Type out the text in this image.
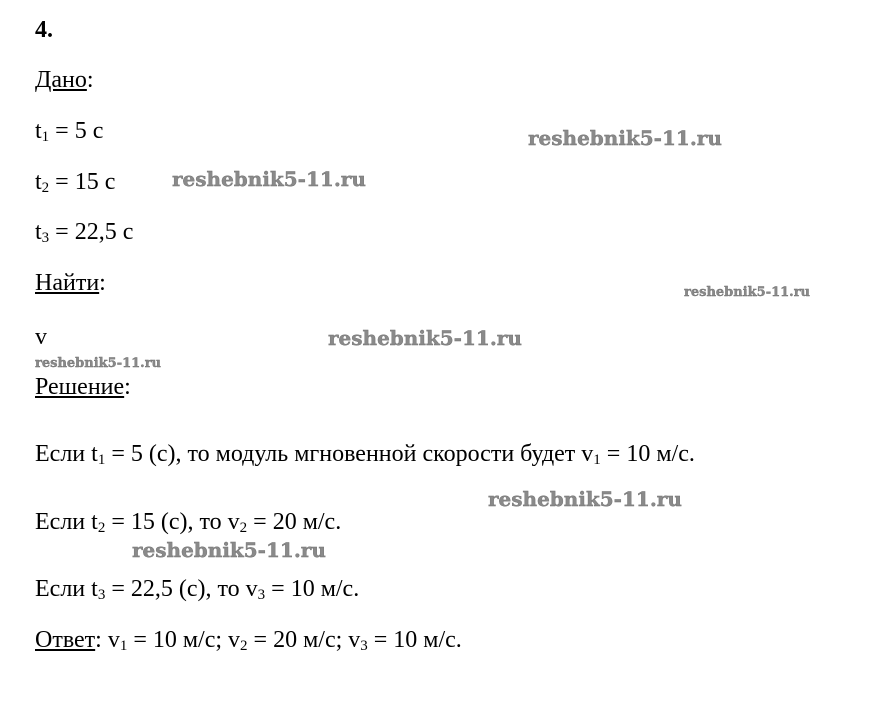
4.
Дано:
$t_1 = 5$ с
$t_2 = 15$ с
$t_3 = 22,5$ с
Найти:
v
Решение:
Если $t_1 = 5$ (с), то модуль мгновенной скорости будет $v_1 = 10$ м/с.
Если $t_2 = 15$ (с), то $v_2 = 20$ м/с.
Если $t_3 = 22,5$ (с), то $v_3 = 10$ м/с.
Ответ: $v_1 = 10$ м/с; $v_2 = 20$ м/с; $v_3 = 10$ м/с.
reshebnik5-11.ru
reshebnik5-11.ru
reshebnik5-11.ru
reshebnik5-11.ru
reshebnik5-11.ru
reshebnik5-11.ru
reshebnik5-11.ru
